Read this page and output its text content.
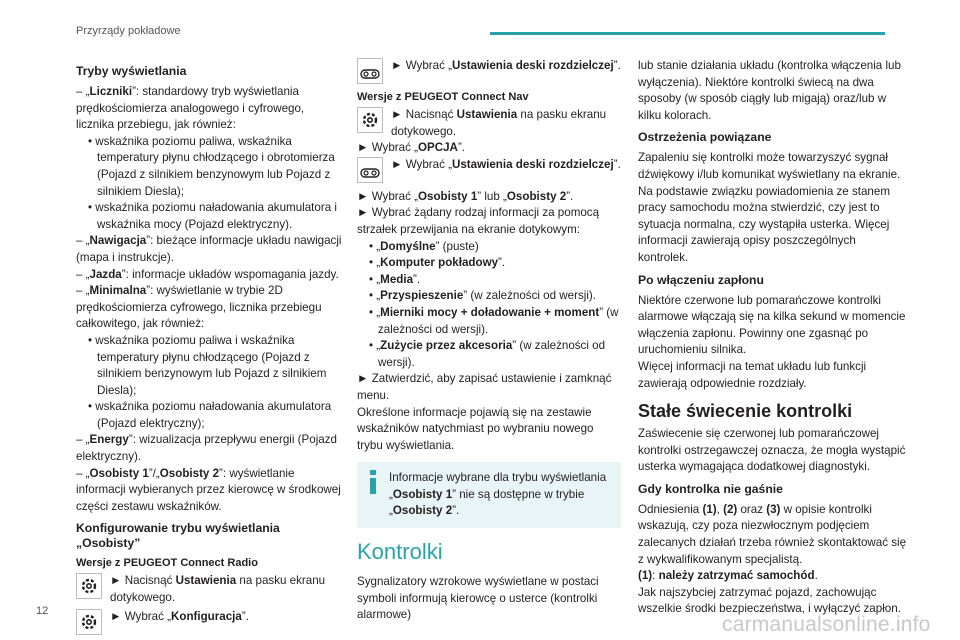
Przyrządy pokładowe
Tryby wyświetlania

– „Liczniki”: standardowy tryb wyświetlania prędkościomierza analogowego i cyfrowego, licznika przebiegu, jak również:

• wskaźnika poziomu paliwa, wskaźnika temperatury płynu chłodzącego i obrotomierza (Pojazd z silnikiem benzynowym lub Pojazd z silnikiem Diesla);

• wskaźnika poziomu naładowania akumulatora i wskaźnika mocy (Pojazd elektryczny).

– „Nawigacja”: bieżące informacje układu nawigacji (mapa i instrukcje).

– „Jazda”: informacje układów wspomagania jazdy.

– „Minimalna”: wyświetlanie w trybie 2D prędkościomierza cyfrowego, licznika przebiegu całkowitego, jak również:

• wskaźnika poziomu paliwa i wskaźnika temperatury płynu chłodzącego (Pojazd z silnikiem benzynowym lub Pojazd z silnikiem Diesla);

• wskaźnika poziomu naładowania akumulatora (Pojazd elektryczny);

– „Energy”: wizualizacja przepływu energii (Pojazd elektryczny).

– „Osobisty 1”/„Osobisty 2”: wyświetlanie informacji wybieranych przez kierowcę w środkowej części zestawu wskaźników.

Konfigurowanie trybu wyświetlania „Osobisty”
Wersje z PEUGEOT Connect Radio

► Nacisnąć Ustawienia na pasku ekranu dotykowego.

► Wybrać „Konfiguracja”.

► Wybrać „Ustawienia deski rozdzielczej”.

Wersje z PEUGEOT Connect Nav

► Nacisnąć Ustawienia na pasku ekranu dotykowego.

► Wybrać „OPCJA”.

► Wybrać „Ustawienia deski rozdzielczej”.

► Wybrać „Osobisty 1” lub „Osobisty 2”.

► Wybrać żądany rodzaj informacji za pomocą strzałek przewijania na ekranie dotykowym:

• „Domyślne” (puste)

• „Komputer pokładowy”.

• „Media”.

• „Przyspieszenie” (w zależności od wersji).

• „Mierniki mocy + doładowanie + moment” (w zależności od wersji).

• „Zużycie przez akcesoria” (w zależności od wersji).

► Zatwierdzić, aby zapisać ustawienie i zamknąć menu.

Określone informacje pojawią się na zestawie wskaźników natychmiast po wybraniu nowego trybu wyświetlania.

Informacje wybrane dla trybu wyświetlania „Osobisty 1” nie są dostępne w trybie „Osobisty 2”.

Kontrolki

Sygnalizatory wzrokowe wyświetlane w postaci symboli informują kierowcę o usterce (kontrolki alarmowe)

lub stanie działania układu (kontrolka włączenia lub wyłączenia). Niektóre kontrolki świecą na dwa sposoby (w sposób ciągły lub migają) oraz/lub w kilku kolorach.

Ostrzeżenia powiązane

Zapaleniu się kontrolki może towarzyszyć sygnał dźwiękowy i/lub komunikat wyświetlany na ekranie.

Na podstawie związku powiadomienia ze stanem pracy samochodu można stwierdzić, czy jest to sytuacja normalna, czy wystąpiła usterka. Więcej informacji zawierają opisy poszczególnych kontrolek.

Po włączeniu zapłonu

Niektóre czerwone lub pomarańczowe kontrolki alarmowe włączają się na kilka sekund w momencie włączenia zapłonu. Powinny one zgasnąć po uruchomieniu silnika.

Więcej informacji na temat układu lub funkcji zawierają odpowiednie rozdziały.

Stałe świecenie kontrolki

Zaświecenie się czerwonej lub pomarańczowej kontrolki ostrzegawczej oznacza, że mogła wystąpić usterka wymagająca dodatkowej diagnostyki.

Gdy kontrolka nie gaśnie

Odniesienia (1), (2) oraz (3) w opisie kontrolki wskazują, czy poza niezwłocznym podjęciem zalecanych działań trzeba również skontaktować się z wykwalifikowanym specjalistą.

(1): należy zatrzymać samochód.

Jak najszybciej zatrzymać pojazd, zachowując wszelkie środki bezpieczeństwa, i wyłączyć zapłon.

12
carmanualsonline.info
